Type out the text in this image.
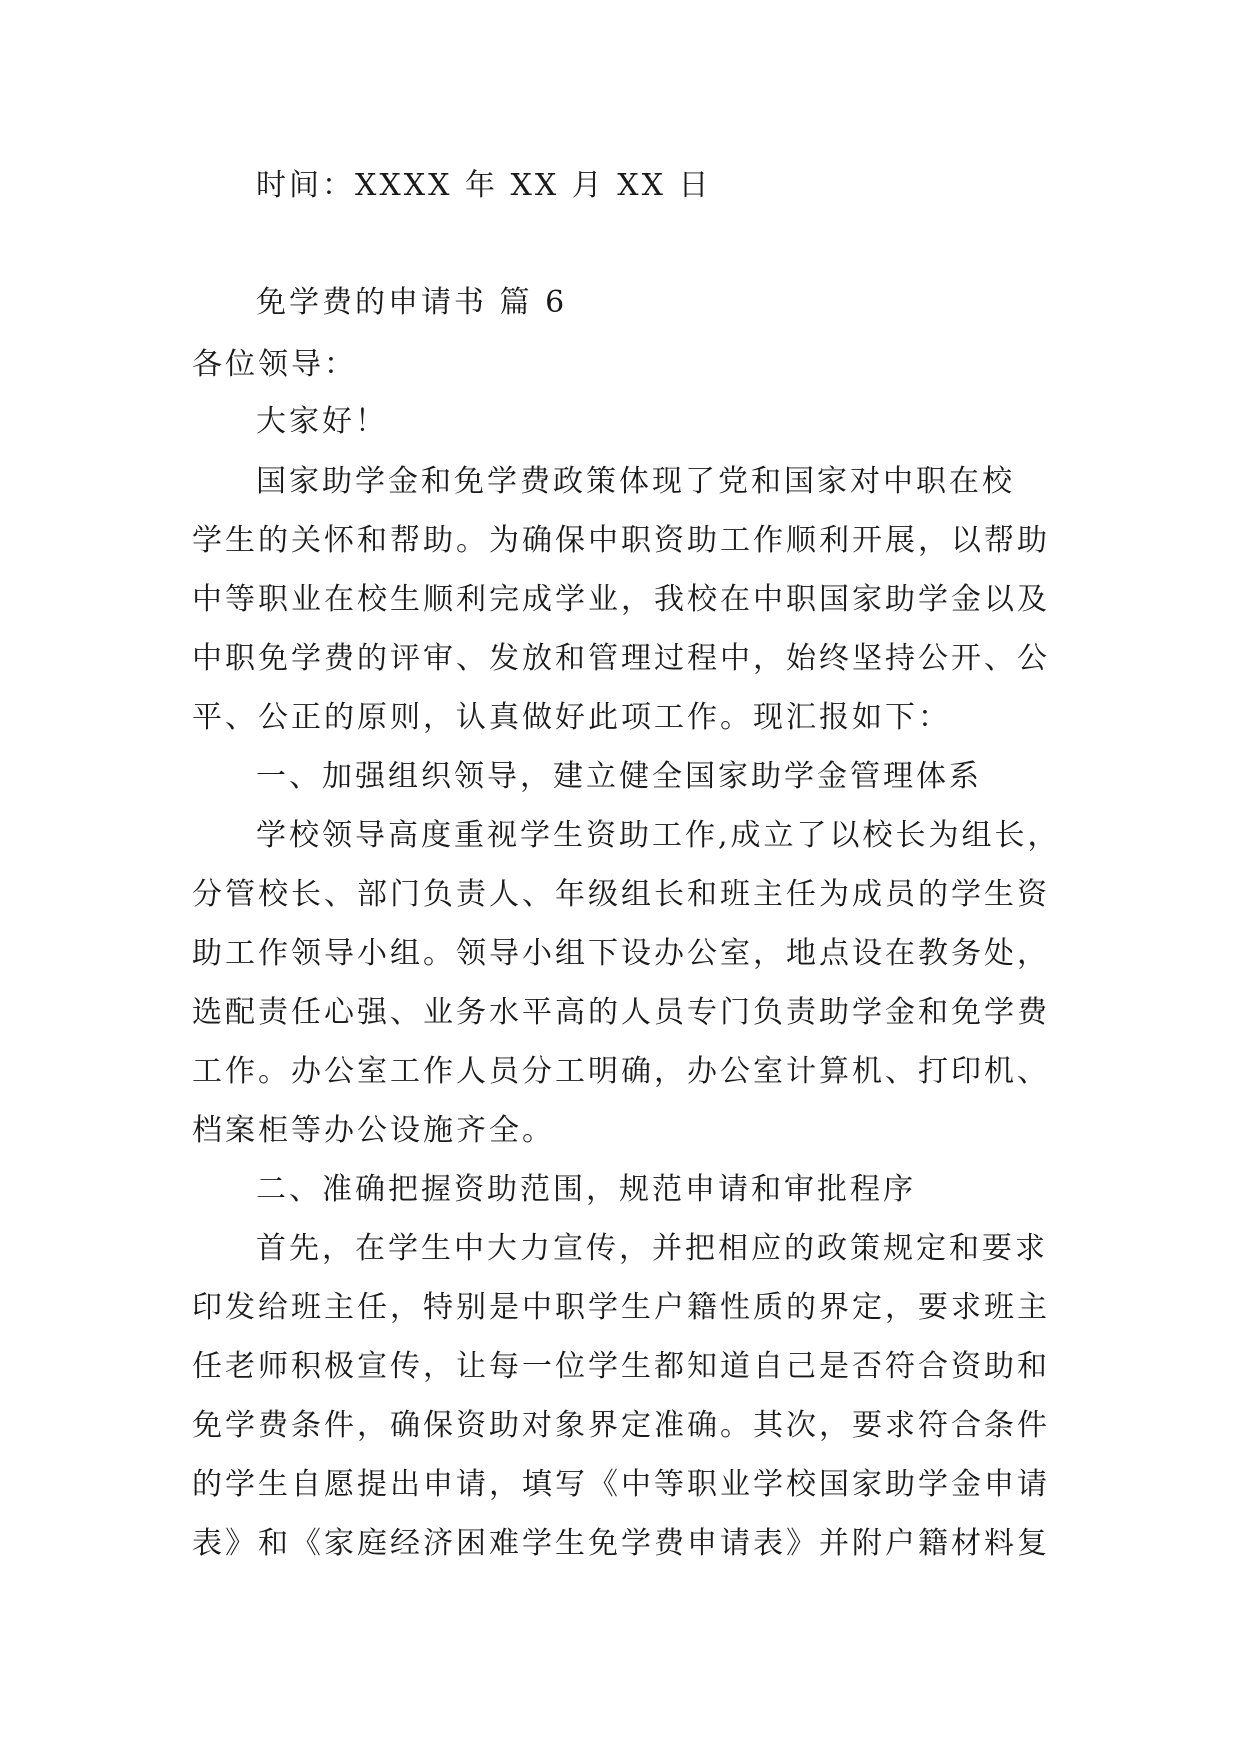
时间：XXXX 年 XX 月 XX 日
免学费的申请书 篇 6
各位领导：
大家好！
国家助学金和免学费政策体现了党和国家对中职在校
学生的关怀和帮助。为确保中职资助工作顺利开展，以帮助
中等职业在校生顺利完成学业，我校在中职国家助学金以及
中职免学费的评审、发放和管理过程中，始终坚持公开、公
平、公正的原则，认真做好此项工作。现汇报如下：
一、加强组织领导，建立健全国家助学金管理体系
学校领导高度重视学生资助工作,成立了以校长为组长，
分管校长、部门负责人、年级组长和班主任为成员的学生资
助工作领导小组。领导小组下设办公室，地点设在教务处，
选配责任心强、业务水平高的人员专门负责助学金和免学费
工作。办公室工作人员分工明确，办公室计算机、打印机、
档案柜等办公设施齐全。
二、准确把握资助范围，规范申请和审批程序
首先，在学生中大力宣传，并把相应的政策规定和要求
印发给班主任，特别是中职学生户籍性质的界定，要求班主
任老师积极宣传，让每一位学生都知道自己是否符合资助和
免学费条件，确保资助对象界定准确。其次，要求符合条件
的学生自愿提出申请，填写《中等职业学校国家助学金申请
表》和《家庭经济困难学生免学费申请表》并附户籍材料复
